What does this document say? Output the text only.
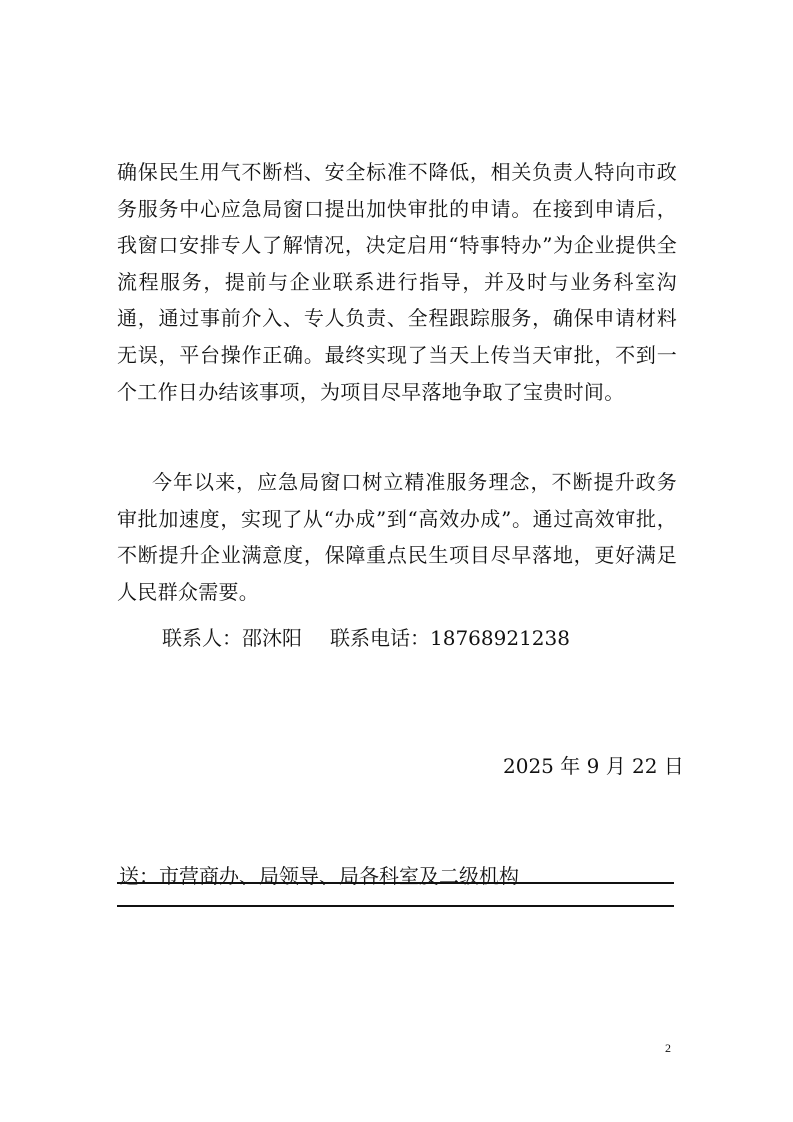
确保民生用气不断档、安全标准不降低，相关负责人特向市政务服务中心应急局窗口提出加快审批的申请。在接到申请后，我窗口安排专人了解情况，决定启用“特事特办”为企业提供全流程服务，提前与企业联系进行指导，并及时与业务科室沟通，通过事前介入、专人负责、全程跟踪服务，确保申请材料无误，平台操作正确。最终实现了当天上传当天审批，不到一个工作日办结该事项，为项目尽早落地争取了宝贵时间。

今年以来，应急局窗口树立精准服务理念，不断提升政务审批加速度，实现了从“办成”到“高效办成”。通过高效审批，不断提升企业满意度，保障重点民生项目尽早落地，更好满足人民群众需要。

联系人：邵沐阳 联系电话：18768921238
2025 年 9 月 22 日
送：市营商办、局领导、局各科室及二级机构
2
